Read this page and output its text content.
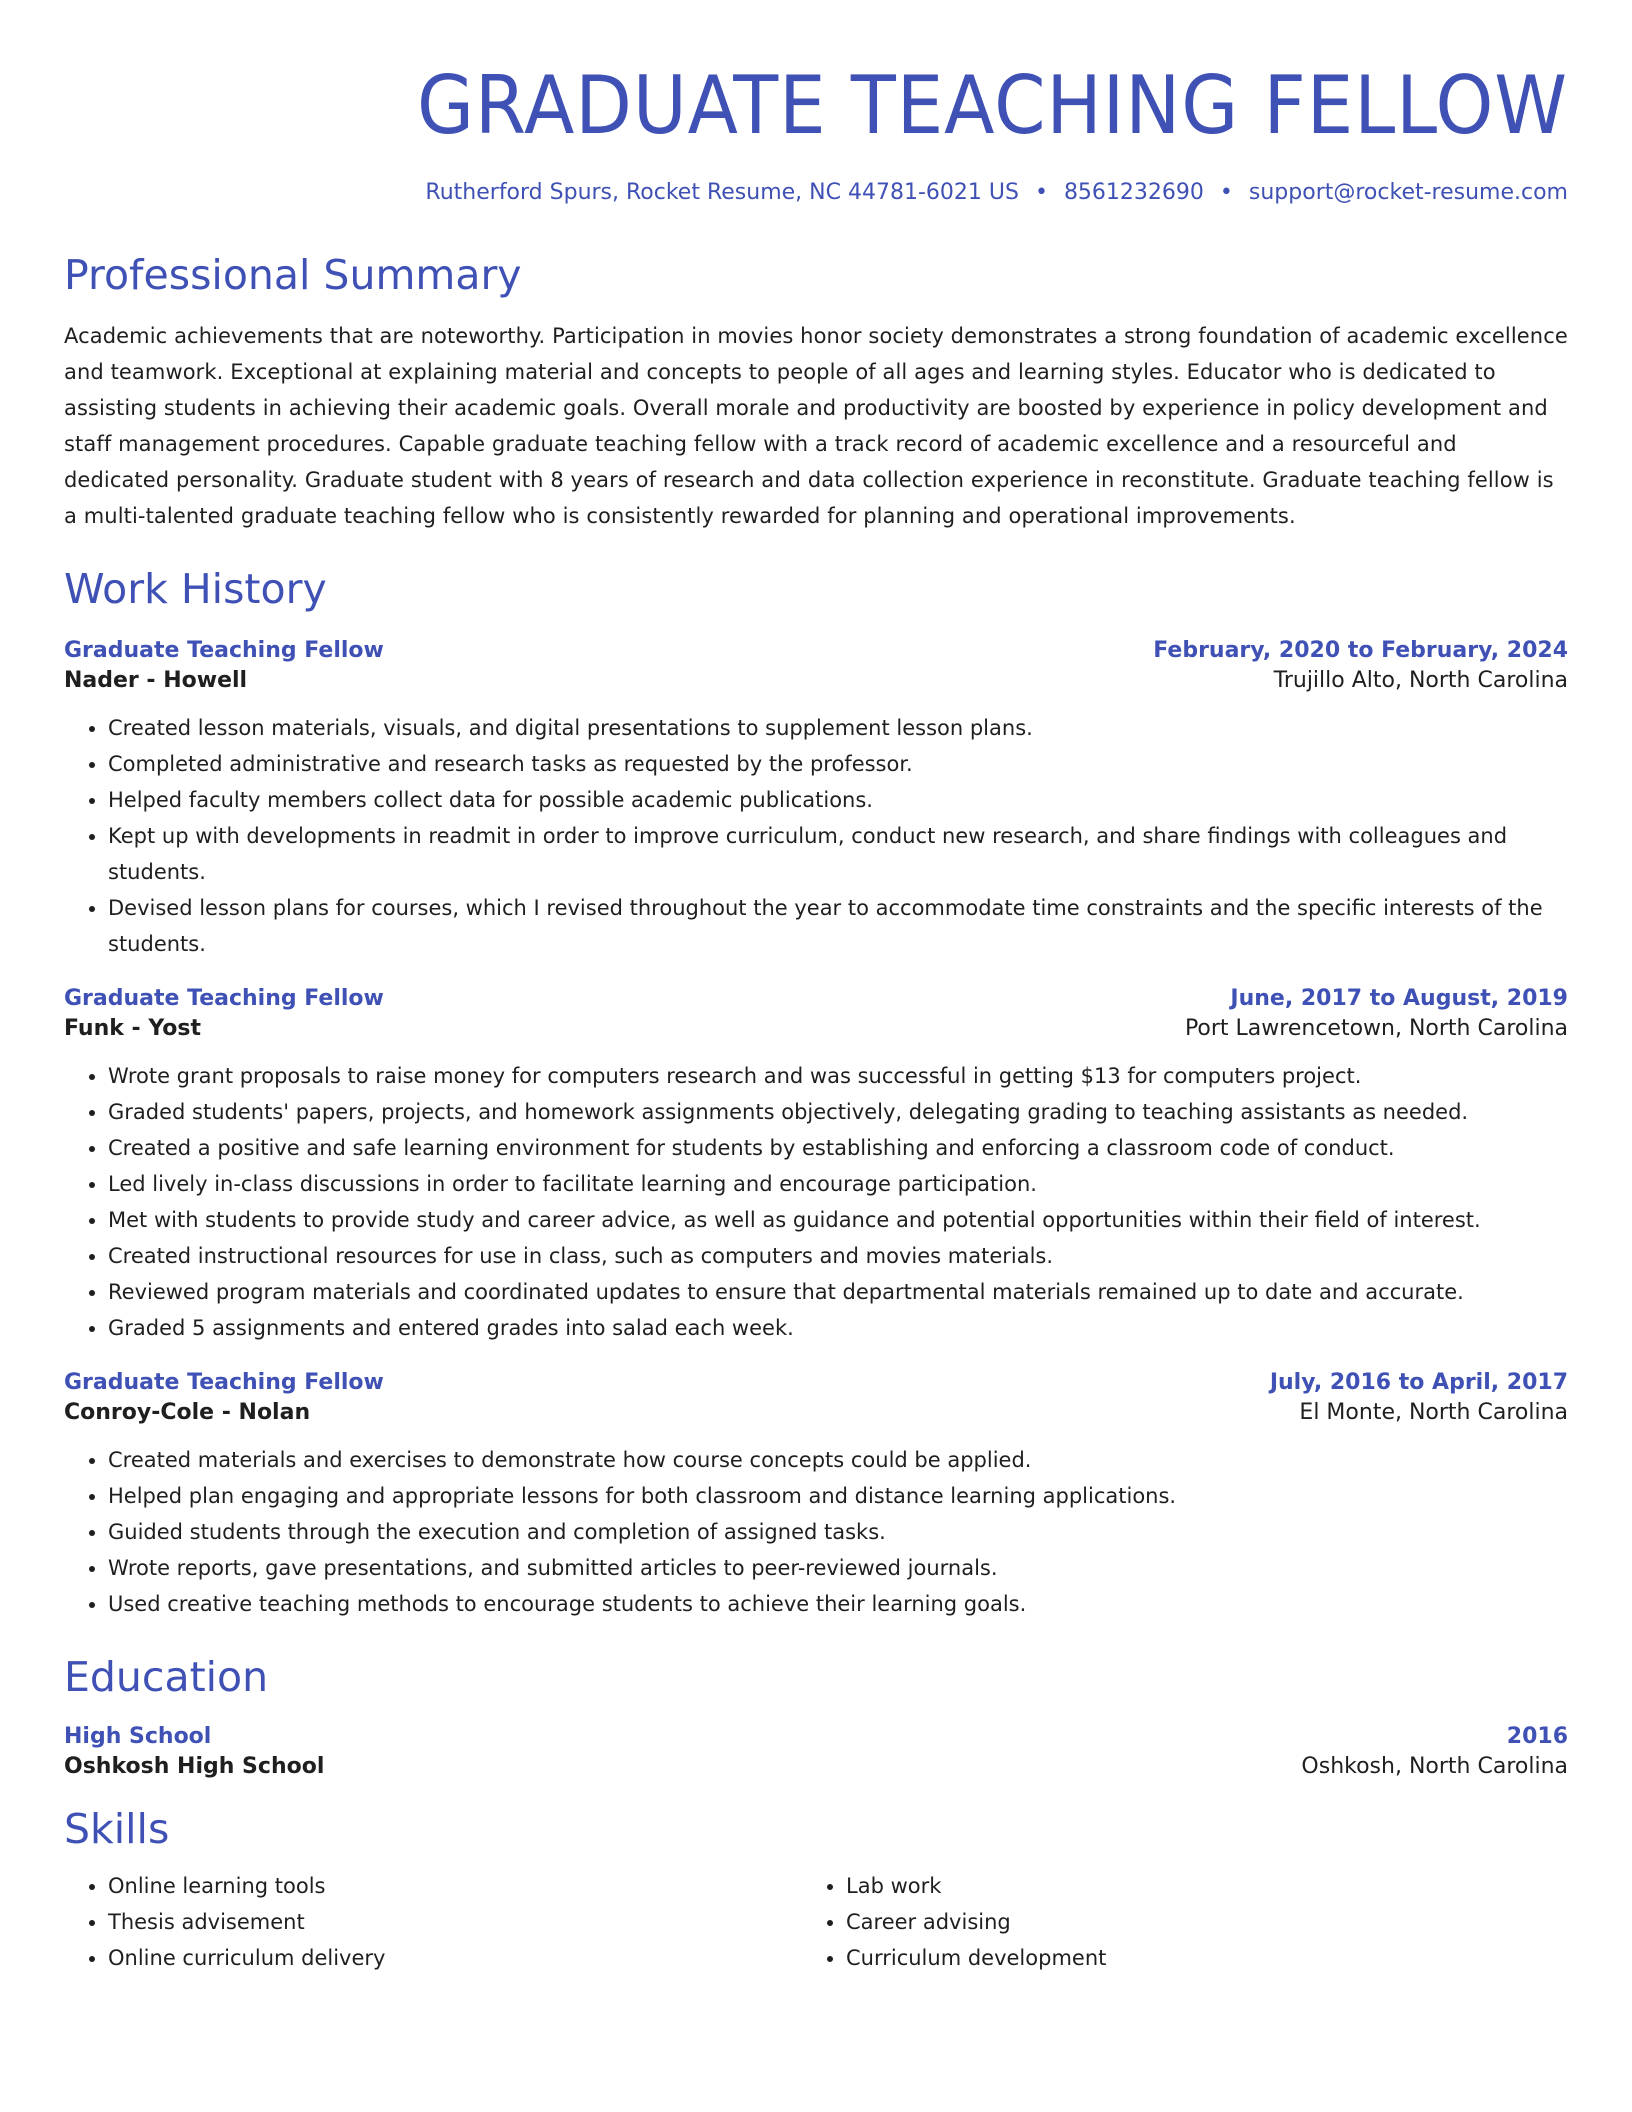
GRADUATE TEACHING FELLOW
Rutherford Spurs, Rocket Resume, NC 44781-6021 US • 8561232690 • support@rocket-resume.com
Professional Summary
Academic achievements that are noteworthy. Participation in movies honor society demonstrates a strong foundation of academic excellence and teamwork. Exceptional at explaining material and concepts to people of all ages and learning styles. Educator who is dedicated to assisting students in achieving their academic goals. Overall morale and productivity are boosted by experience in policy development and staff management procedures. Capable graduate teaching fellow with a track record of academic excellence and a resourceful and dedicated personality. Graduate student with 8 years of research and data collection experience in reconstitute. Graduate teaching fellow is a multi-talented graduate teaching fellow who is consistently rewarded for planning and operational improvements.
Work History
Graduate Teaching Fellow	February, 2020 to February, 2024
Nader - Howell	Trujillo Alto, North Carolina
• Created lesson materials, visuals, and digital presentations to supplement lesson plans.
• Completed administrative and research tasks as requested by the professor.
• Helped faculty members collect data for possible academic publications.
• Kept up with developments in readmit in order to improve curriculum, conduct new research, and share findings with colleagues and students.
• Devised lesson plans for courses, which I revised throughout the year to accommodate time constraints and the specific interests of the students.
Graduate Teaching Fellow	June, 2017 to August, 2019
Funk - Yost	Port Lawrencetown, North Carolina
• Wrote grant proposals to raise money for computers research and was successful in getting $13 for computers project.
• Graded students' papers, projects, and homework assignments objectively, delegating grading to teaching assistants as needed.
• Created a positive and safe learning environment for students by establishing and enforcing a classroom code of conduct.
• Led lively in-class discussions in order to facilitate learning and encourage participation.
• Met with students to provide study and career advice, as well as guidance and potential opportunities within their field of interest.
• Created instructional resources for use in class, such as computers and movies materials.
• Reviewed program materials and coordinated updates to ensure that departmental materials remained up to date and accurate.
• Graded 5 assignments and entered grades into salad each week.
Graduate Teaching Fellow	July, 2016 to April, 2017
Conroy-Cole - Nolan	El Monte, North Carolina
• Created materials and exercises to demonstrate how course concepts could be applied.
• Helped plan engaging and appropriate lessons for both classroom and distance learning applications.
• Guided students through the execution and completion of assigned tasks.
• Wrote reports, gave presentations, and submitted articles to peer-reviewed journals.
• Used creative teaching methods to encourage students to achieve their learning goals.
Education
High School	2016
Oshkosh High School	Oshkosh, North Carolina
Skills
• Online learning tools
• Thesis advisement
• Online curriculum delivery
• Lab work
• Career advising
• Curriculum development
